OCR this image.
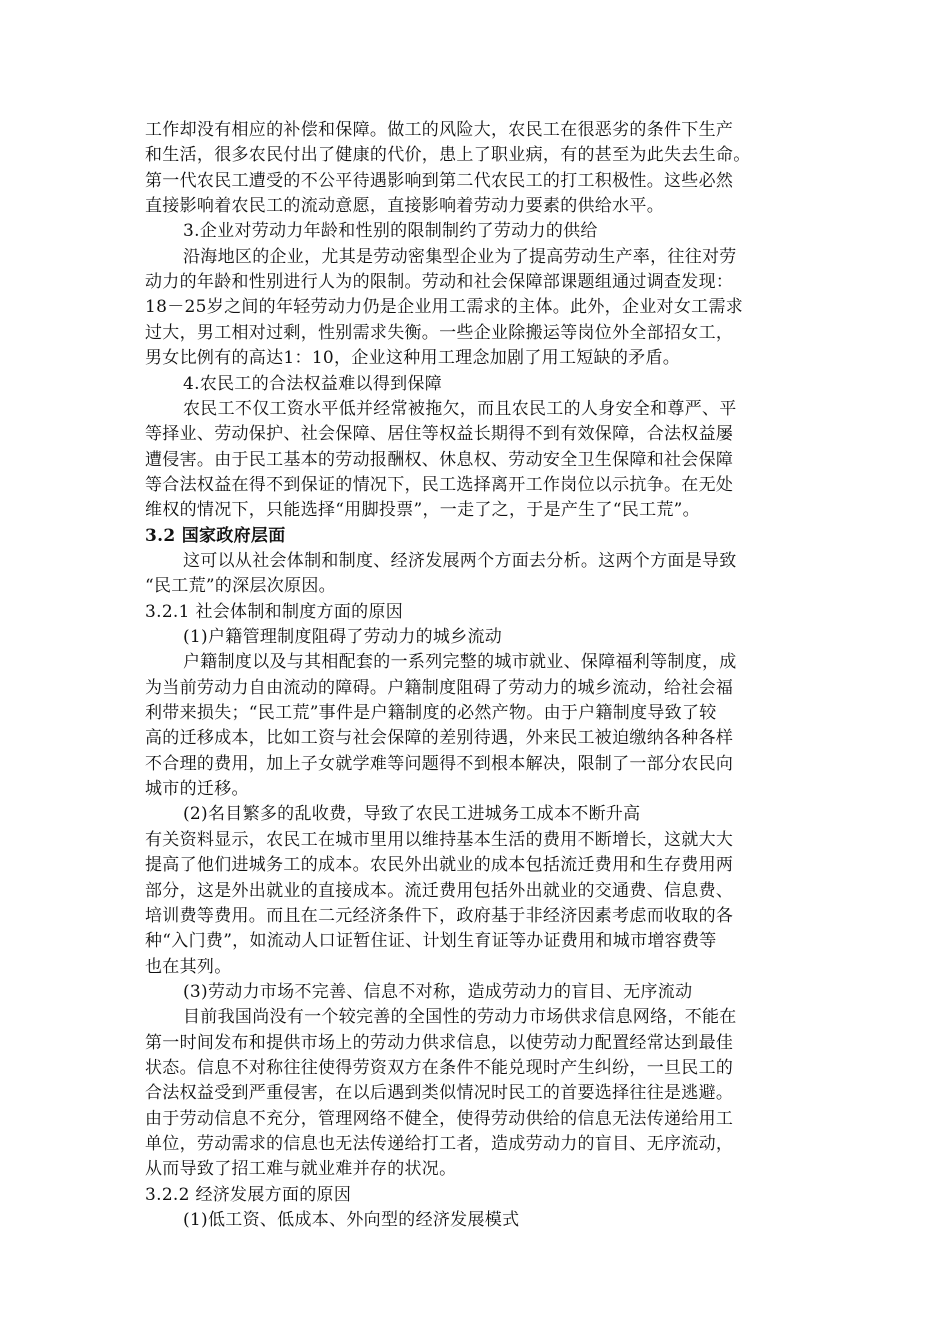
工作却没有相应的补偿和保障。做工的风险大，农民工在很恶劣的条件下生产
和生活，很多农民付出了健康的代价，患上了职业病，有的甚至为此失去生命。
第一代农民工遭受的不公平待遇影响到第二代农民工的打工积极性。这些必然
直接影响着农民工的流动意愿，直接影响着劳动力要素的供给水平。
3.企业对劳动力年龄和性别的限制制约了劳动力的供给
沿海地区的企业，尤其是劳动密集型企业为了提高劳动生产率，往往对劳
动力的年龄和性别进行人为的限制。劳动和社会保障部课题组通过调查发现：
18－25岁之间的年轻劳动力仍是企业用工需求的主体。此外，企业对女工需求
过大，男工相对过剩，性别需求失衡。一些企业除搬运等岗位外全部招女工，
男女比例有的高达1：10，企业这种用工理念加剧了用工短缺的矛盾。
4.农民工的合法权益难以得到保障
农民工不仅工资水平低并经常被拖欠，而且农民工的人身安全和尊严、平
等择业、劳动保护、社会保障、居住等权益长期得不到有效保障，合法权益屡
遭侵害。由于民工基本的劳动报酬权、休息权、劳动安全卫生保障和社会保障
等合法权益在得不到保证的情况下，民工选择离开工作岗位以示抗争。在无处
维权的情况下，只能选择“用脚投票”，一走了之，于是产生了“民工荒”。
3.2 国家政府层面
这可以从社会体制和制度、经济发展两个方面去分析。这两个方面是导致
“民工荒”的深层次原因。
3.2.1 社会体制和制度方面的原因
(1)户籍管理制度阻碍了劳动力的城乡流动
户籍制度以及与其相配套的一系列完整的城市就业、保障福利等制度，成
为当前劳动力自由流动的障碍。户籍制度阻碍了劳动力的城乡流动，给社会福
利带来损失；“民工荒”事件是户籍制度的必然产物。由于户籍制度导致了较
高的迁移成本，比如工资与社会保障的差别待遇，外来民工被迫缴纳各种各样
不合理的费用，加上子女就学难等问题得不到根本解决，限制了一部分农民向
城市的迁移。
(2)名目繁多的乱收费，导致了农民工进城务工成本不断升高
有关资料显示，农民工在城市里用以维持基本生活的费用不断增长，这就大大
提高了他们进城务工的成本。农民外出就业的成本包括流迁费用和生存费用两
部分，这是外出就业的直接成本。流迁费用包括外出就业的交通费、信息费、
培训费等费用。而且在二元经济条件下，政府基于非经济因素考虑而收取的各
种“入门费”，如流动人口证暂住证、计划生育证等办证费用和城市增容费等
也在其列。
(3)劳动力市场不完善、信息不对称，造成劳动力的盲目、无序流动
目前我国尚没有一个较完善的全国性的劳动力市场供求信息网络，不能在
第一时间发布和提供市场上的劳动力供求信息，以使劳动力配置经常达到最佳
状态。信息不对称往往使得劳资双方在条件不能兑现时产生纠纷，一旦民工的
合法权益受到严重侵害，在以后遇到类似情况时民工的首要选择往往是逃避。
由于劳动信息不充分，管理网络不健全，使得劳动供给的信息无法传递给用工
单位，劳动需求的信息也无法传递给打工者，造成劳动力的盲目、无序流动，
从而导致了招工难与就业难并存的状况。
3.2.2 经济发展方面的原因
(1)低工资、低成本、外向型的经济发展模式
